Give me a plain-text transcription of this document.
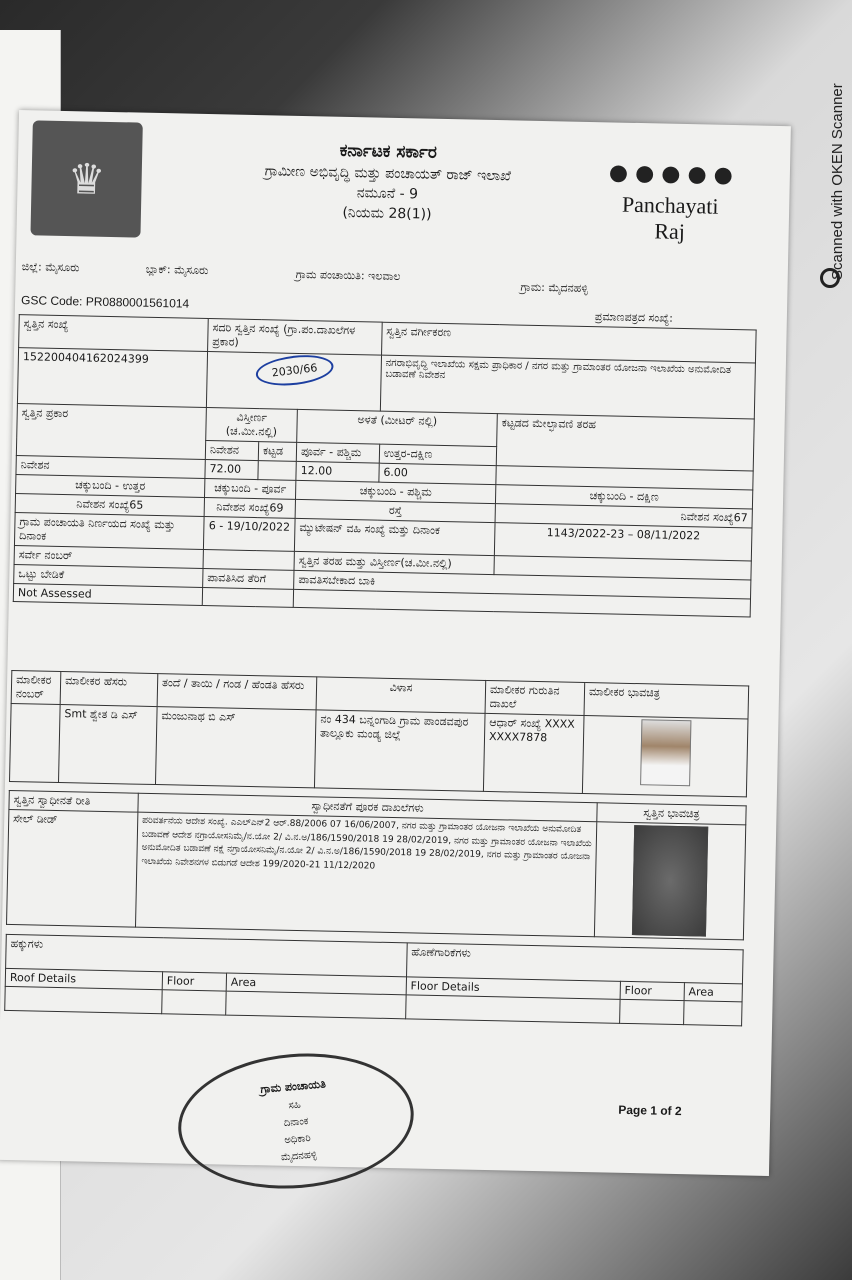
♛
ಕರ್ನಾಟಕ ಸರ್ಕಾರ
ಗ್ರಾಮೀಣ ಅಭಿವೃದ್ಧಿ ಮತ್ತು ಪಂಚಾಯತ್ ರಾಜ್ ಇಲಾಖೆ
ನಮೂನೆ - 9
(ನಿಯಮ 28(1))
● ● ● ● ●
Panchayati Raj
ಜಿಲ್ಲೆ: ಮೈಸೂರು	ಬ್ಲಾಕ್: ಮೈಸೂರು	ಗ್ರಾಮ ಪಂಚಾಯಿತಿ: ಇಲವಾಲ
ಗ್ರಾಮ: ಮೈದನಹಳ್ಳಿ
GSC Code: PR0880001561014
ಪ್ರಮಾಣಪತ್ರದ ಸಂಖ್ಯೆ:
ಸ್ವತ್ತಿನ ಸಂಖ್ಯೆ	ಸದರಿ ಸ್ವತ್ತಿನ ಸಂಖ್ಯೆ (ಗ್ರಾ.ಪಂ.ದಾಖಲೆಗಳ ಪ್ರಕಾರ)			ಸ್ವತ್ತಿನ ವರ್ಗೀಕರಣ	
152200404162024399	2030/66			ನಗರಾಭಿವೃದ್ಧಿ ಇಲಾಖೆಯ ಸಕ್ಷಮ ಪ್ರಾಧಿಕಾರ / ನಗರ ಮತ್ತು ಗ್ರಾಮಾಂತರ ಯೋಜನಾ ಇಲಾಖೆಯ ಅನುಮೋದಿತ ಬಡಾವಣೆ ನಿವೇಶನ	
ಸ್ವತ್ತಿನ ಪ್ರಕಾರ	ವಿಸ್ತೀರ್ಣ (ಚ.ಮೀ.ನಲ್ಲಿ)		ಅಳತೆ (ಮೀಟರ್ ನಲ್ಲಿ)		ಕಟ್ಟಡದ ಮೇಲ್ಛಾವಣಿ ತರಹ
	ನಿವೇಶನ	ಕಟ್ಟಡ	ಪೂರ್ವ - ಪಶ್ಚಿಮ	ಉತ್ತರ-ದಕ್ಷಿಣ	
ನಿವೇಶನ	72.00		12.00	6.00	
ಚಕ್ಕುಬಂದಿ - ಉತ್ತರ	ಚಕ್ಕುಬಂದಿ - ಪೂರ್ವ		ಚಕ್ಕುಬಂದಿ - ಪಶ್ಚಿಮ		ಚಕ್ಕುಬಂದಿ - ದಕ್ಷಿಣ
ನಿವೇಶನ ಸಂಖ್ಯೆ65	ನಿವೇಶನ ಸಂಖ್ಯೆ69		ರಸ್ತೆ		ನಿವೇಶನ ಸಂಖ್ಯೆ67
ಗ್ರಾಮ ಪಂಚಾಯತಿ ನಿರ್ಣಯದ ಸಂಖ್ಯೆ ಮತ್ತು ದಿನಾಂಕ	6 - 19/10/2022		ಮ್ಯುಟೇಷನ್ ವಹಿ ಸಂಖ್ಯೆ ಮತ್ತು ದಿನಾಂಕ		1143/2022-23 – 08/11/2022
ಸರ್ವೇ ನಂಬರ್			ಸ್ವತ್ತಿನ ತರಹ ಮತ್ತು ವಿಸ್ತೀರ್ಣ(ಚ.ಮೀ.ನಲ್ಲಿ)		
ಒಟ್ಟು ಬೇಡಿಕೆ	ಪಾವತಿಸಿದ ತೆರಿಗೆ		ಪಾವತಿಸಬೇಕಾದ ಬಾಕಿ		
Not Assessed					
ಮಾಲೀಕರ ನಂಬರ್	ಮಾಲೀಕರ ಹೆಸರು	ತಂದೆ / ತಾಯಿ / ಗಂಡ / ಹೆಂಡತಿ ಹೆಸರು	ವಿಳಾಸ	ಮಾಲೀಕರ ಗುರುತಿನ ದಾಖಲೆ	ಮಾಲೀಕರ ಭಾವಚಿತ್ರ
	Smt ಶ್ವೇತ ಡಿ ಎಸ್	ಮಂಜುನಾಥ ಬಿ ಎಸ್	ನಂ 434 ಬನ್ನಂಗಾಡಿ ಗ್ರಾಮ ಪಾಂಡವಪುರ ತಾಲ್ಲೂಕು ಮಂಡ್ಯ ಜಿಲ್ಲೆ	ಆಧಾರ್ ಸಂಖ್ಯೆ XXXXXXXX7878	
ಸ್ವತ್ತಿನ ಸ್ವಾಧೀನತೆ ರೀತಿ	ಸ್ವಾಧೀನತೆಗೆ ಪೂರಕ ದಾಖಲೆಗಳು	ಸ್ವತ್ತಿನ ಭಾವಚಿತ್ರ
ಸೇಲ್ ಡೀಡ್	ಪರಿವರ್ತನೆಯ ಆದೇಶ ಸಂಖ್ಯೆ. ಎಎಲ್ಎನ್2 ಆರ್.88/2006 07 16/06/2007, ನಗರ ಮತ್ತು ಗ್ರಾಮಾಂತರ ಯೋಜನಾ ಇಲಾಖೆಯ ಅನುಮೋದಿತ ಬಡಾವಣೆ ಆದೇಶ ನಗ್ರಾಯೋಸನಿಮೈ/ನ.ಯೋ 2/ ವಿ.ನ.ಅ/186/1590/2018 19 28/02/2019, ನಗರ ಮತ್ತು ಗ್ರಾಮಾಂತರ ಯೋಜನಾ ಇಲಾಖೆಯ ಅನುಮೋದಿತ ಬಡಾವಣೆ ನಕ್ಷೆ ನಗ್ರಾಯೋಸನಿಮೈ/ನ.ಯೋ 2/ ವಿ.ನ.ಅ/186/1590/2018 19 28/02/2019, ನಗರ ಮತ್ತು ಗ್ರಾಮಾಂತರ ಯೋಜನಾ ಇಲಾಖೆಯ ನಿವೇಶನಗಳ ಬಿಡುಗಡೆ ಆದೇಶ 199/2020-21 11/12/2020	
ಹಕ್ಕುಗಳು			ಹೊಣೆಗಾರಿಕೆಗಳು		
Roof Details	Floor	Area	Floor Details	Floor	Area

ಗ್ರಾಮ ಪಂಚಾಯತಿ
ಸಹಿ
ದಿನಾಂಕ
ಅಧಿಕಾರಿ
ಮೈದನಹಳ್ಳಿ
Page 1 of 2
Scanned with OKEN Scanner
